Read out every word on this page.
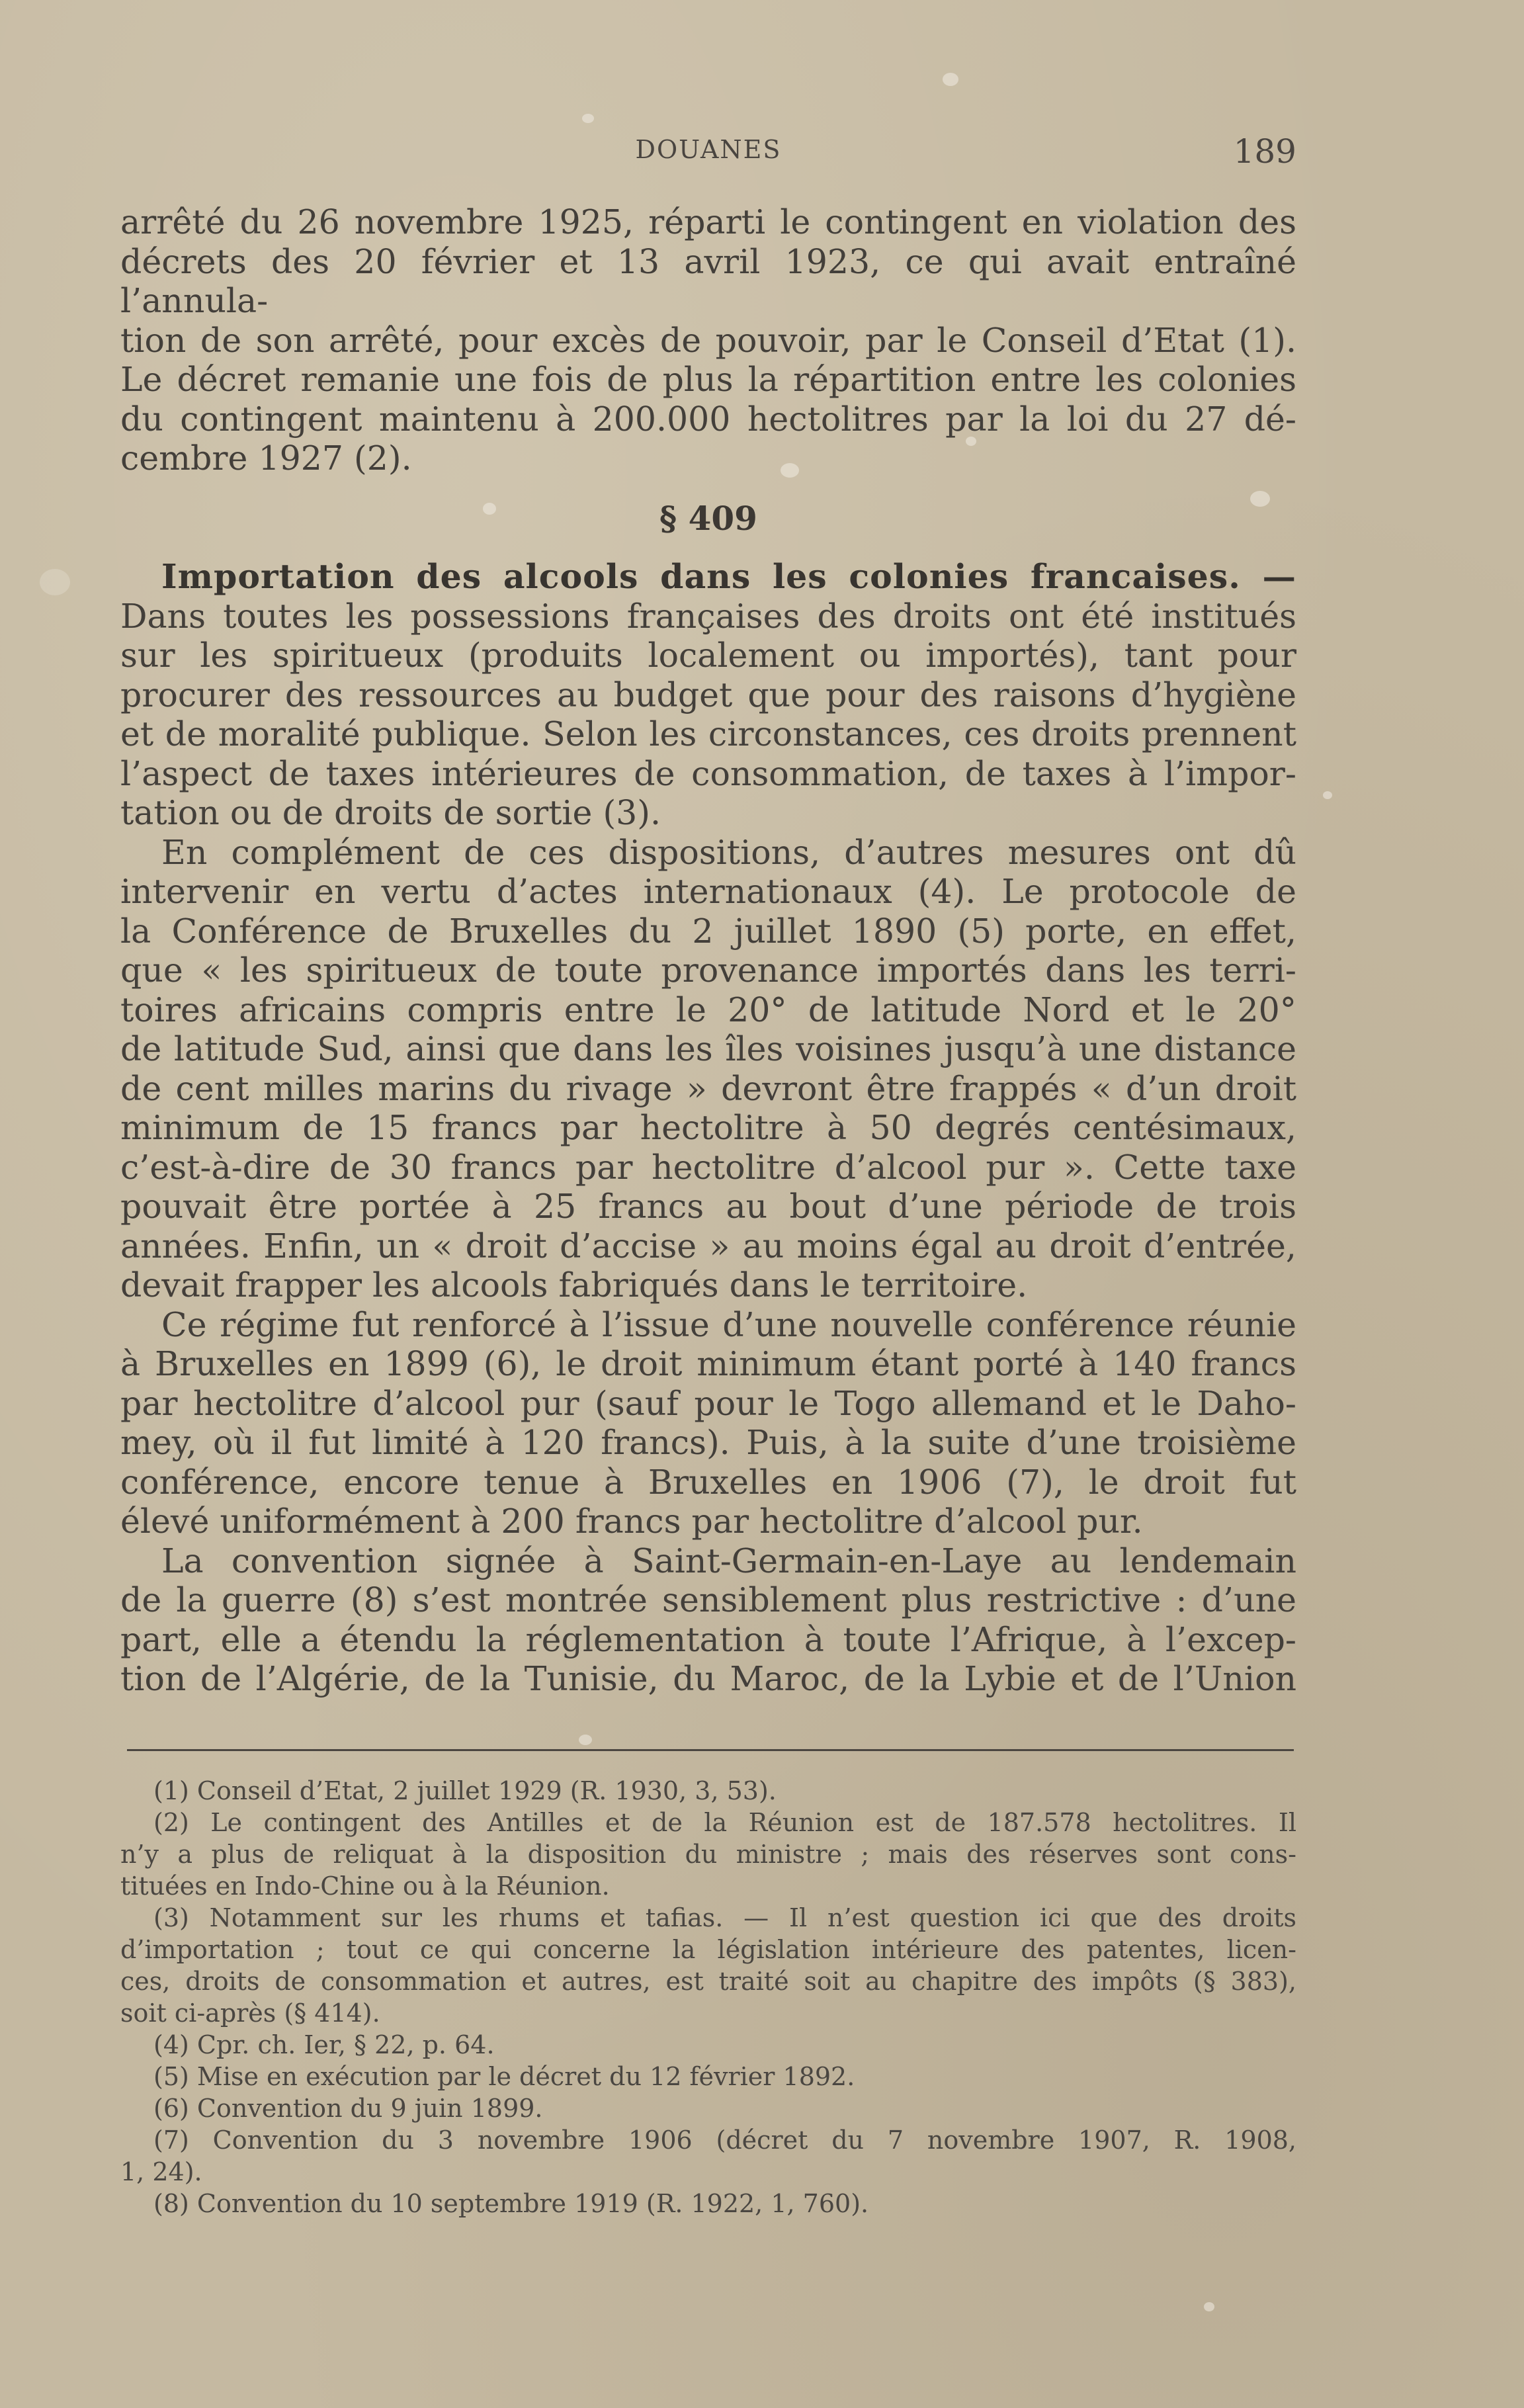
DOUANES	189

arrêté du 26 novembre 1925, réparti le contingent en violation des

décrets des 20 février et 13 avril 1923, ce qui avait entraîné l’annula-

tion de son arrêté, pour excès de pouvoir, par le Conseil d’Etat (1).

Le décret remanie une fois de plus la répartition entre les colonies

du contingent maintenu à 200.000 hectolitres par la loi du 27 dé-

cembre 1927 (2).

§ 409

Importation des alcools dans les colonies francaises. —

Dans toutes les possessions françaises des droits ont été institués

sur les spiritueux (produits localement ou importés), tant pour

procurer des ressources au budget que pour des raisons d’hygiène

et de moralité publique. Selon les circonstances, ces droits prennent

l’aspect de taxes intérieures de consommation, de taxes à l’impor-

tation ou de droits de sortie (3).

En complément de ces dispositions, d’autres mesures ont dû

intervenir en vertu d’actes internationaux (4). Le protocole de

la Conférence de Bruxelles du 2 juillet 1890 (5) porte, en effet,

que « les spiritueux de toute provenance importés dans les terri-

toires africains compris entre le 20° de latitude Nord et le 20°

de latitude Sud, ainsi que dans les îles voisines jusqu’à une distance

de cent milles marins du rivage » devront être frappés « d’un droit

minimum de 15 francs par hectolitre à 50 degrés centésimaux,

c’est-à-dire de 30 francs par hectolitre d’alcool pur ». Cette taxe

pouvait être portée à 25 francs au bout d’une période de trois

années. Enfin, un « droit d’accise » au moins égal au droit d’entrée,

devait frapper les alcools fabriqués dans le territoire.

Ce régime fut renforcé à l’issue d’une nouvelle conférence réunie

à Bruxelles en 1899 (6), le droit minimum étant porté à 140 francs

par hectolitre d’alcool pur (sauf pour le Togo allemand et le Daho-

mey, où il fut limité à 120 francs). Puis, à la suite d’une troisième

conférence, encore tenue à Bruxelles en 1906 (7), le droit fut

élevé uniformément à 200 francs par hectolitre d’alcool pur.

La convention signée à Saint-Germain-en-Laye au lendemain

de la guerre (8) s’est montrée sensiblement plus restrictive : d’une

part, elle a étendu la réglementation à toute l’Afrique, à l’excep-

tion de l’Algérie, de la Tunisie, du Maroc, de la Lybie et de l’Union

(1) Conseil d’Etat, 2 juillet 1929 (R. 1930, 3, 53).

(2) Le contingent des Antilles et de la Réunion est de 187.578 hectolitres. Il

n’y a plus de reliquat à la disposition du ministre ; mais des réserves sont cons-

tituées en Indo-Chine ou à la Réunion.

(3) Notamment sur les rhums et tafias. — Il n’est question ici que des droits

d’importation ; tout ce qui concerne la législation intérieure des patentes, licen-

ces, droits de consommation et autres, est traité soit au chapitre des impôts (§ 383),

soit ci-après (§ 414).

(4) Cpr. ch. Ier, § 22, p. 64.

(5) Mise en exécution par le décret du 12 février 1892.

(6) Convention du 9 juin 1899.

(7) Convention du 3 novembre 1906 (décret du 7 novembre 1907, R. 1908,

1, 24).

(8) Convention du 10 septembre 1919 (R. 1922, 1, 760).
